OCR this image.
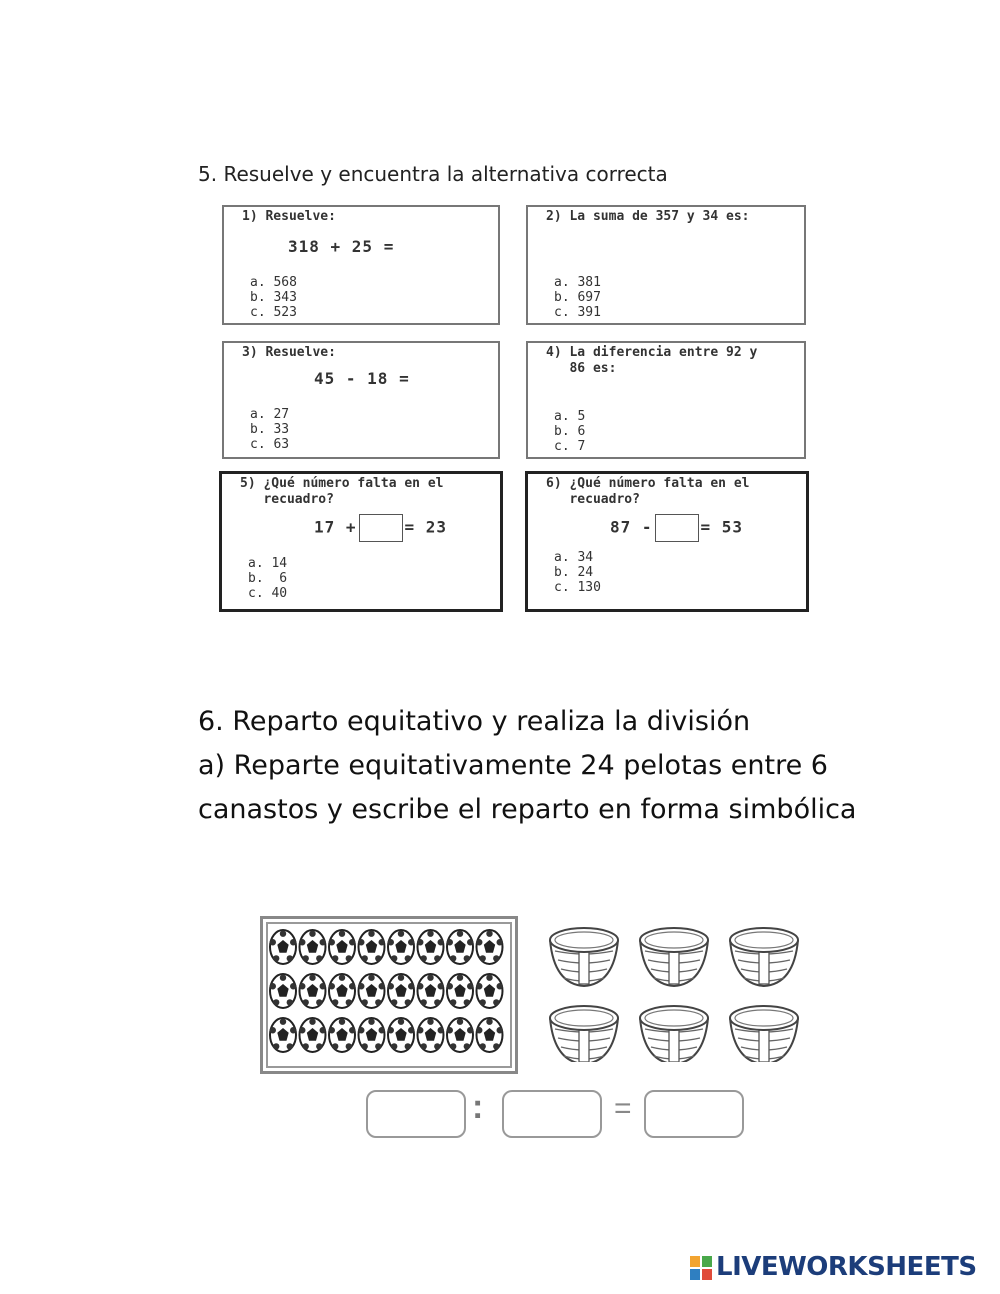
5. Resuelve y encuentra la alternativa correcta
1) Resuelve:
318 + 25 =
a. 568
b. 343
c. 523
2) La suma de 357 y 34 es:
a. 381
b. 697
c. 391
3) Resuelve:
45 - 18 =
a. 27
b. 33
c. 63
4) La diferencia entre 92 y
86 es:
a. 5
b. 6
c. 7
5) ¿Qué número falta en el
recuadro?
17 +	= 23
a. 14
b.  6
c. 40
6) ¿Qué número falta en el
recuadro?
87 -	= 53
a. 34
b. 24
c. 130
6. Reparto equitativo y realiza la división
a) Reparte equitativamente 24 pelotas entre 6
canastos y escribe el reparto en forma simbólica
:	=
LIVEWORKSHEETS
